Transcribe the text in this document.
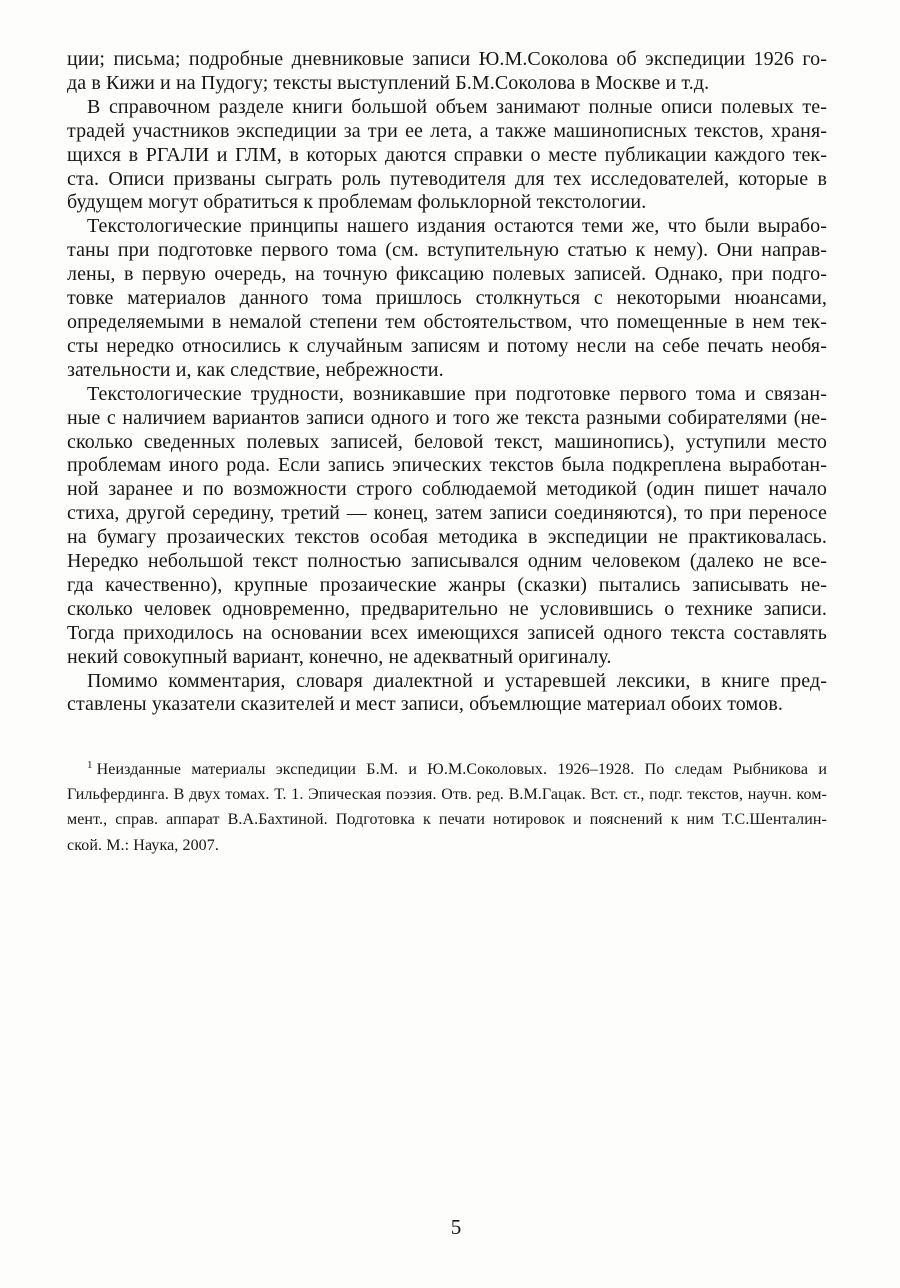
ции; письма; подробные дневниковые записи Ю.М.Соколова об экспедиции 1926 го-
да в Кижи и на Пудогу; тексты выступлений Б.М.Соколова в Москве и т.д.
В справочном разделе книги большой объем занимают полные описи полевых те-
традей участников экспедиции за три ее лета, а также машинописных текстов, храня-
щихся в РГАЛИ и ГЛМ, в которых даются справки о месте публикации каждого тек-
ста. Описи призваны сыграть роль путеводителя для тех исследователей, которые в
будущем могут обратиться к проблемам фольклорной текстологии.
Текстологические принципы нашего издания остаются теми же, что были вырабо-
таны при подготовке первого тома (см. вступительную статью к нему). Они направ-
лены, в первую очередь, на точную фиксацию полевых записей. Однако, при подго-
товке материалов данного тома пришлось столкнуться с некоторыми нюансами,
определяемыми в немалой степени тем обстоятельством, что помещенные в нем тек-
сты нередко относились к случайным записям и потому несли на себе печать необя-
зательности и, как следствие, небрежности.
Текстологические трудности, возникавшие при подготовке первого тома и связан-
ные с наличием вариантов записи одного и того же текста разными собирателями (не-
сколько сведенных полевых записей, беловой текст, машинопись), уступили место
проблемам иного рода. Если запись эпических текстов была подкреплена выработан-
ной заранее и по возможности строго соблюдаемой методикой (один пишет начало
стиха, другой середину, третий — конец, затем записи соединяются), то при переносе
на бумагу прозаических текстов особая методика в экспедиции не практиковалась.
Нередко небольшой текст полностью записывался одним человеком (далеко не все-
гда качественно), крупные прозаические жанры (сказки) пытались записывать не-
сколько человек одновременно, предварительно не условившись о технике записи.
Тогда приходилось на основании всех имеющихся записей одного текста составлять
некий совокупный вариант, конечно, не адекватный оригиналу.
Помимо комментария, словаря диалектной и устаревшей лексики, в книге пред-
ставлены указатели сказителей и мест записи, объемлющие материал обоих томов.
$^1$ Неизданные материалы экспедиции Б.М. и Ю.М.Соколовых. 1926–1928. По следам Рыбникова и
Гильфердинга. В двух томах. Т. 1. Эпическая поэзия. Отв. ред. В.М.Гацак. Вст. ст., подг. текстов, научн. ком-
мент., справ. аппарат В.А.Бахтиной. Подготовка к печати нотировок и пояснений к ним Т.С.Шенталин-
ской. М.: Наука, 2007.
5
